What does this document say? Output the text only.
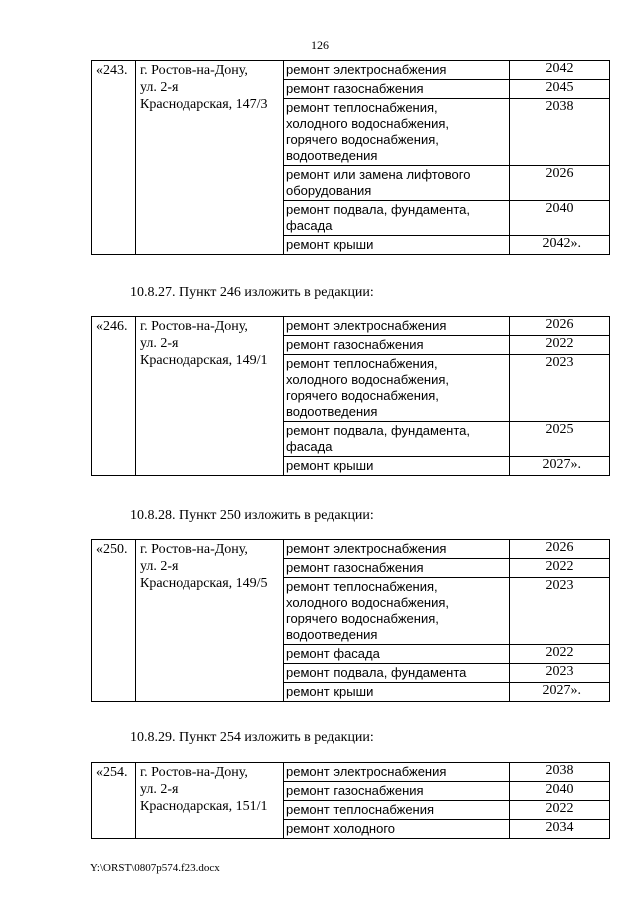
126
«243.	г. Ростов-на-Дону,
ул. 2-я
Краснодарская, 147/3	ремонт электроснабжения	2042

		ремонт газоснабжения	2045

		ремонт теплоснабжения,
холодного водоснабжения,
горячего водоснабжения,
водоотведения	2038

		ремонт или замена лифтового
оборудования	2026

		ремонт подвала, фундамента,
фасада	2040

		ремонт крыши	2042».
10.8.27. Пункт 246 изложить в редакции:
«246.	г. Ростов-на-Дону,
ул. 2-я
Краснодарская, 149/1	ремонт электроснабжения	2026

		ремонт газоснабжения	2022

		ремонт теплоснабжения,
холодного водоснабжения,
горячего водоснабжения,
водоотведения	2023

		ремонт подвала, фундамента,
фасада	2025

		ремонт крыши	2027».
10.8.28. Пункт 250 изложить в редакции:
«250.	г. Ростов-на-Дону,
ул. 2-я
Краснодарская, 149/5	ремонт электроснабжения	2026

		ремонт газоснабжения	2022

		ремонт теплоснабжения,
холодного водоснабжения,
горячего водоснабжения,
водоотведения	2023

		ремонт фасада	2022

		ремонт подвала, фундамента	2023

		ремонт крыши	2027».
10.8.29. Пункт 254 изложить в редакции:
«254.	г. Ростов-на-Дону,
ул. 2-я
Краснодарская, 151/1	ремонт электроснабжения	2038

		ремонт газоснабжения	2040

		ремонт теплоснабжения	2022

		ремонт холодного	2034
Y:\ORST\0807p574.f23.docx
